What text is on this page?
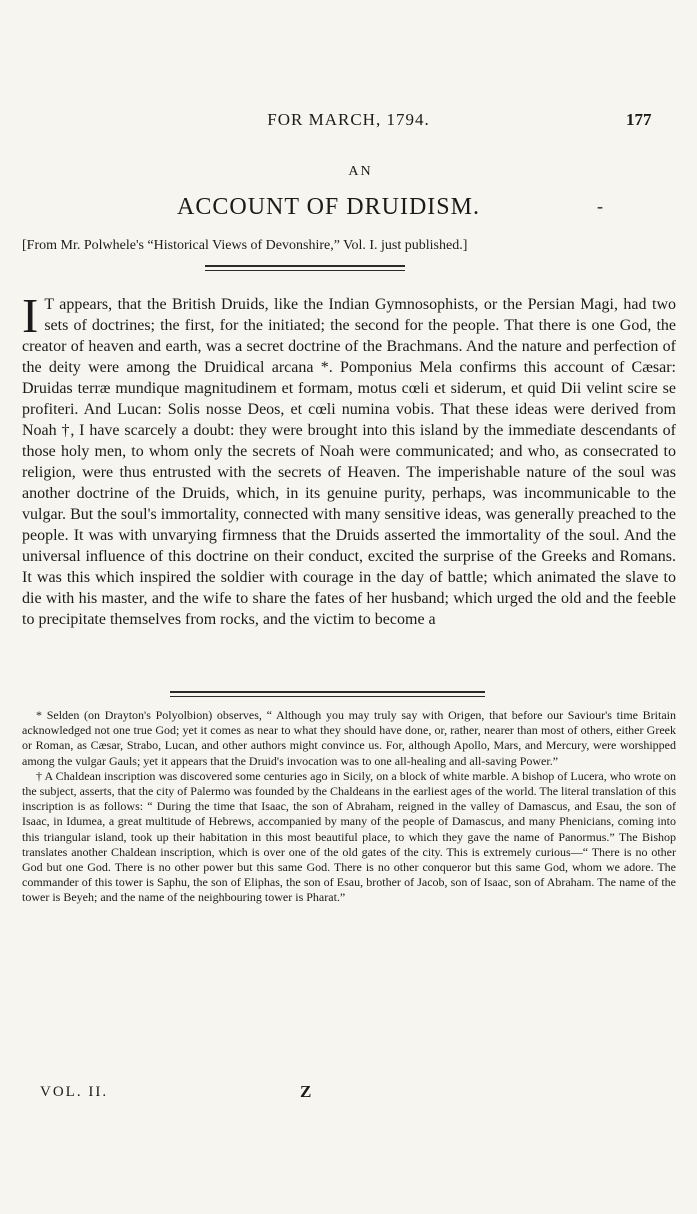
FOR MARCH, 1794.	177
AN
ACCOUNT OF DRUIDISM.	-
[From Mr. Polwhele's “Historical Views of Devonshire,” Vol. I. just published.]
I T appears, that the British Druids, like the Indian Gymnosophists, or the Persian Magi, had two sets of doctrines; the first, for the initiated; the second for the people. That there is one God, the creator of heaven and earth, was a secret doctrine of the Brachmans. And the nature and perfection of the deity were among the Druidical arcana *. Pomponius Mela confirms this account of Cæsar: Druidas terræ mundique magnitudinem et formam, motus cœli et siderum, et quid Dii velint scire se profiteri. And Lucan: Solis nosse Deos, et cœli numina vobis. That these ideas were derived from Noah †, I have scarcely a doubt: they were brought into this island by the immediate descendants of those holy men, to whom only the secrets of Noah were communicated; and who, as consecrated to religion, were thus entrusted with the secrets of Heaven. The imperishable nature of the soul was another doctrine of the Druids, which, in its genuine purity, perhaps, was incommunicable to the vulgar. But the soul's immortality, connected with many sensitive ideas, was generally preached to the people. It was with unvarying firmness that the Druids asserted the immortality of the soul. And the universal influence of this doctrine on their conduct, excited the surprise of the Greeks and Romans. It was this which inspired the soldier with courage in the day of battle; which animated the slave to die with his master, and the wife to share the fates of her husband; which urged the old and the feeble to precipitate themselves from rocks, and the victim to become a

* Selden (on Drayton's Polyolbion) observes, “ Although you may truly say with Origen, that before our Saviour's time Britain acknowledged not one true God; yet it comes as near to what they should have done, or, rather, nearer than most of others, either Greek or Roman, as Cæsar, Strabo, Lucan, and other authors might convince us. For, although Apollo, Mars, and Mercury, were worshipped among the vulgar Gauls; yet it appears that the Druid's invocation was to one all-healing and all-saving Power.”

† A Chaldean inscription was discovered some centuries ago in Sicily, on a block of white marble. A bishop of Lucera, who wrote on the subject, asserts, that the city of Palermo was founded by the Chaldeans in the earliest ages of the world. The literal translation of this inscription is as follows: “ During the time that Isaac, the son of Abraham, reigned in the valley of Damascus, and Esau, the son of Isaac, in Idumea, a great multitude of Hebrews, accompanied by many of the people of Damascus, and many Phenicians, coming into this triangular island, took up their habitation in this most beautiful place, to which they gave the name of Panormus.” The Bishop translates another Chaldean inscription, which is over one of the old gates of the city. This is extremely curious—“ There is no other God but one God. There is no other power but this same God. There is no other conqueror but this same God, whom we adore. The commander of this tower is Saphu, the son of Eliphas, the son of Esau, brother of Jacob, son of Isaac, son of Abraham. The name of the tower is Beyeh; and the name of the neighbouring tower is Pharat.”

VOL. II.	Z
